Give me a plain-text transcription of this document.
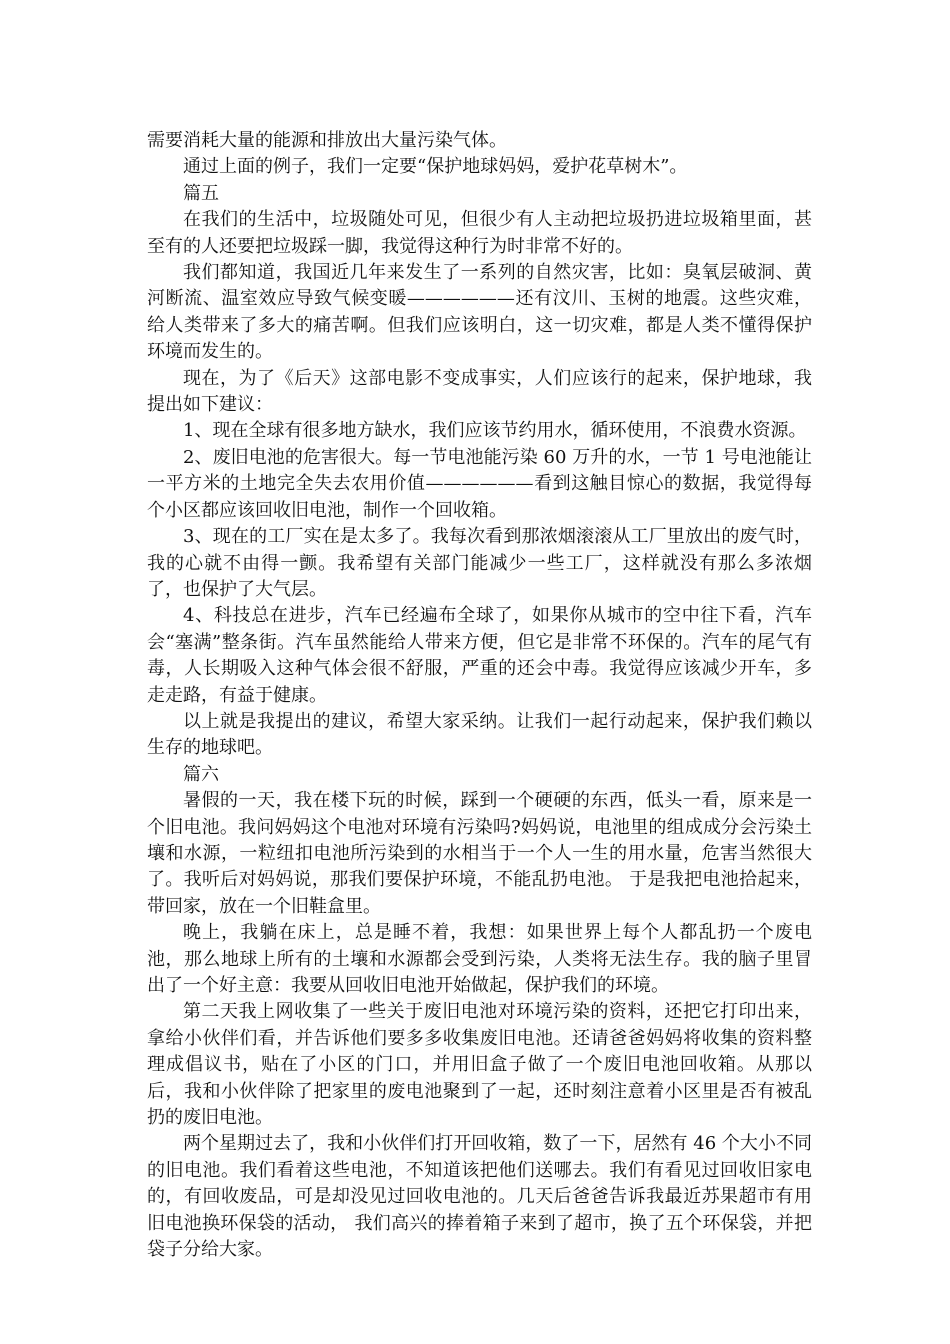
需要消耗大量的能源和排放出大量污染气体。

通过上面的例子，我们一定要“保护地球妈妈，爱护花草树木”。

篇五

在我们的生活中，垃圾随处可见，但很少有人主动把垃圾扔进垃圾箱里面，甚至有的人还要把垃圾踩一脚，我觉得这种行为时非常不好的。

我们都知道，我国近几年来发生了一系列的自然灾害，比如：臭氧层破洞、黄河断流、温室效应导致气候变暖——————还有汶川、玉树的地震。这些灾难，给人类带来了多大的痛苦啊。但我们应该明白，这一切灾难，都是人类不懂得保护环境而发生的。

现在，为了《后天》这部电影不变成事实，人们应该行的起来，保护地球，我提出如下建议：

1、现在全球有很多地方缺水，我们应该节约用水，循环使用，不浪费水资源。

2、废旧电池的危害很大。每一节电池能污染 60 万升的水，一节 1 号电池能让一平方米的土地完全失去农用价值——————看到这触目惊心的数据，我觉得每个小区都应该回收旧电池，制作一个回收箱。

3、现在的工厂实在是太多了。我每次看到那浓烟滚滚从工厂里放出的废气时，我的心就不由得一颤。我希望有关部门能减少一些工厂，这样就没有那么多浓烟了，也保护了大气层。

4、科技总在进步，汽车已经遍布全球了，如果你从城市的空中往下看，汽车会“塞满”整条街。汽车虽然能给人带来方便，但它是非常不环保的。汽车的尾气有毒，人长期吸入这种气体会很不舒服，严重的还会中毒。我觉得应该减少开车，多走走路，有益于健康。

以上就是我提出的建议，希望大家采纳。让我们一起行动起来，保护我们赖以生存的地球吧。

篇六

暑假的一天，我在楼下玩的时候，踩到一个硬硬的东西，低头一看，原来是一个旧电池。我问妈妈这个电池对环境有污染吗?妈妈说，电池里的组成成分会污染土壤和水源，一粒纽扣电池所污染到的水相当于一个人一生的用水量，危害当然很大了。我听后对妈妈说，那我们要保护环境，不能乱扔电池。 于是我把电池拾起来，带回家，放在一个旧鞋盒里。

晚上，我躺在床上，总是睡不着，我想：如果世界上每个人都乱扔一个废电池，那么地球上所有的土壤和水源都会受到污染，人类将无法生存。我的脑子里冒出了一个好主意：我要从回收旧电池开始做起，保护我们的环境。

第二天我上网收集了一些关于废旧电池对环境污染的资料，还把它打印出来，拿给小伙伴们看，并告诉他们要多多收集废旧电池。还请爸爸妈妈将收集的资料整理成倡议书，贴在了小区的门口，并用旧盒子做了一个废旧电池回收箱。从那以后，我和小伙伴除了把家里的废电池聚到了一起，还时刻注意着小区里是否有被乱扔的废旧电池。

两个星期过去了，我和小伙伴们打开回收箱，数了一下，居然有 46 个大小不同的旧电池。我们看着这些电池，不知道该把他们送哪去。我们有看见过回收旧家电的，有回收废品，可是却没见过回收电池的。几天后爸爸告诉我最近苏果超市有用旧电池换环保袋的活动， 我们高兴的捧着箱子来到了超市，换了五个环保袋，并把袋子分给大家。
